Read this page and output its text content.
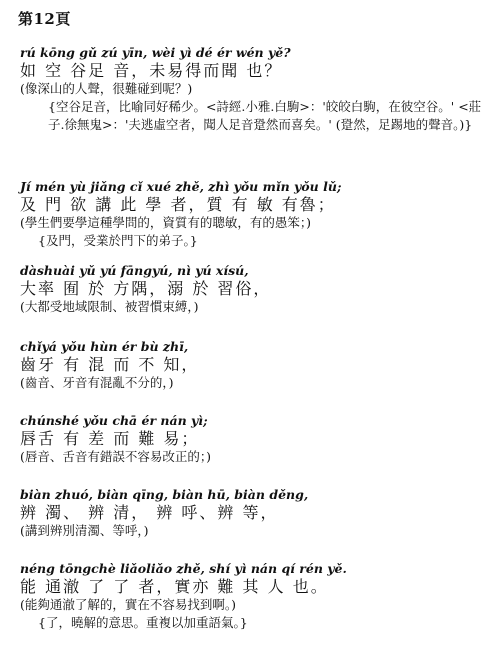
第12頁
rú kōng gǔ zú yīn, wèi yì dé ér wén yě?
如 空 谷足 音，未易得而聞 也？
(像深山的人聲，很難碰到呢？)
{空谷足音，比喻同好稀少。<詩經.小雅.白駒>：'皎皎白駒，在彼空谷。' <莊子.徐無鬼>：'夫逃虛空者，聞人足音跫然而喜矣。' (跫然，足踢地的聲音。)}
Jí mén yù jiǎng cǐ xué zhě, zhì yǒu mǐn yǒu lǔ;
及 門 欲 講 此 學 者，質 有 敏 有魯；
(學生們要學這種學問的，資質有的聰敏，有的愚笨；)
{及門，受業於門下的弟子。}
dàshuài yǔ yú fāngyú, nì yú xísú,
大率 囿 於 方隅，溺 於 習俗，
(大都受地域限制、被習慣束縛，)
chǐyá yǒu hùn ér bù zhī,
齒牙 有 混 而 不 知，
(齒音、牙音有混亂不分的，)
chúnshé yǒu chā ér nán yì;
唇舌 有 差 而 難 易；
(唇音、舌音有錯誤不容易改正的；)
biàn zhuó, biàn qīng, biàn hū, biàn děng,
辨 濁、 辨 清， 辨 呼、辨 等，
(講到辨別清濁、等呼，)
néng tōngchè liǎoliǎo zhě, shí yì nán qí rén yě.
能 通澈 了 了 者，實亦 難 其 人 也。
(能夠通澈了解的，實在不容易找到啊。)
{了，曉解的意思。重複以加重語氣。}
